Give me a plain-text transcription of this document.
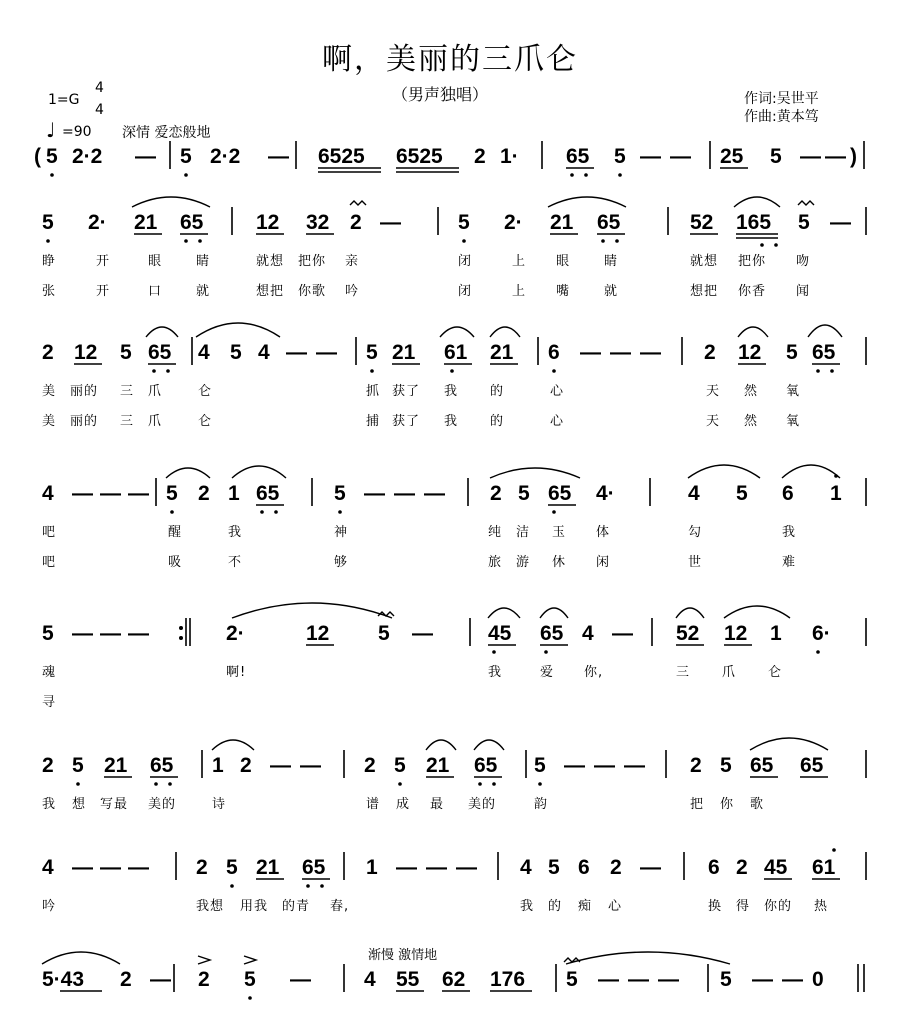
啊，美丽的三爪仑
（男声独唱）	作词:吴世平
作曲:黄本笃
1=G
4
4
♩ =90 深情 爱恋般地
渐慢 激情地
( 5 2·2 — 5 2·2 — 6525 6525 2 1· 65 5 — — 25 5 — — )
5 2· 21 65	12 32 2 —	5 2· 21 65	52 165 5 —
睁	开	眼	睛	就想 把你 亲	闭	上 眼	睛	就想 把你 吻
张	开	口	就	想把 你歌 吟	闭	上 嘴	就	想把 你香 闻
2 12 5 65 4 5 4 — — 5 21 61 21 6 — — — 2 12 5 65
美 丽的 三 爪	仑	抓 获了 我 的	心	天 然 氧
美 丽的 三 爪	仑	捕 获了 我 的	心	天 然 氧
4 — — — 5 2 1 65	5 — — — 2 5 65 4·	4 5 6 1
吧	醒	我	神	纯 洁 玉 体	勾	我
吧	吸	不	够	旅 游 休 闲	世	难
5 — — —	2·	12 5 —	45 65 4 — 52 12 1 6·
魂	啊!	我	爱 你,	三 爪 仑
寻
2 5 21 65 1 2 — — 2 5 21 65 5 — — — 2 5 65 65
我 想 写最 美的	诗	谱 成 最 美的	韵	把 你 歌
4 — — — 2 5 21 65 1 — — — 4 5 6 2 — 6 2 45 61
吟	我想 用我 的青 春,	我 的 痴 心	换 得 你的 热
5·43 2 — 2 5 —	4 55 62 176 5 — — — 5 — — 0
